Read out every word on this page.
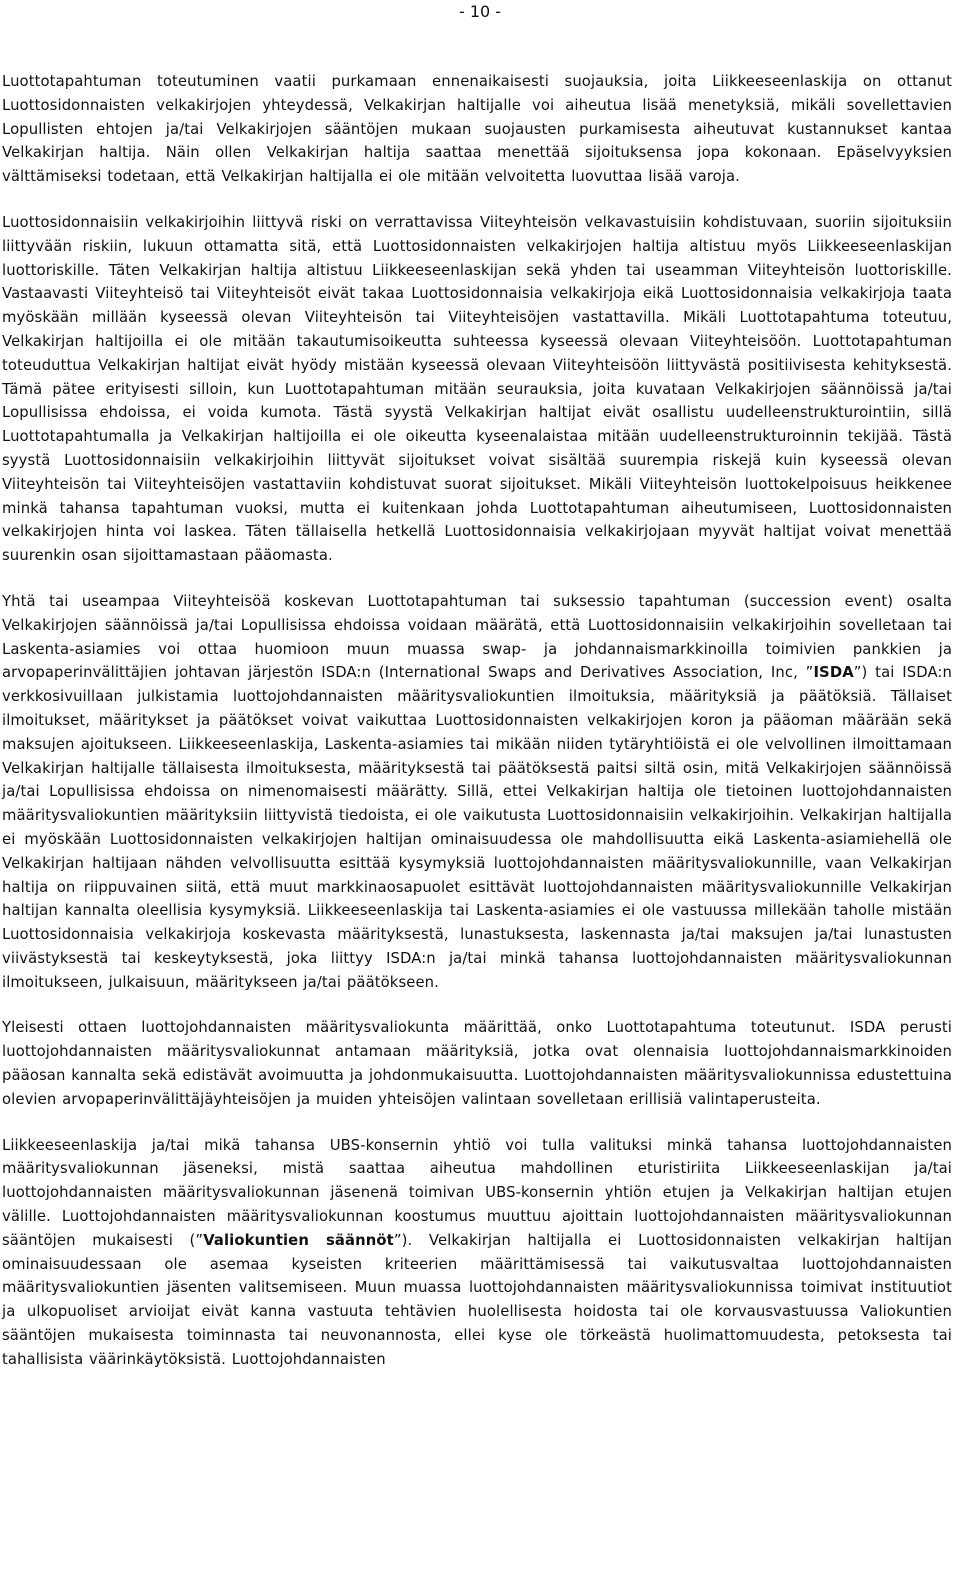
- 10 -

Luottotapahtuman toteutuminen vaatii purkamaan ennenaikaisesti suojauksia, joita Liikkeeseenlaskija on ottanut Luottosidonnaisten velkakirjojen yhteydessä, Velkakirjan haltijalle voi aiheutua lisää menetyksiä, mikäli sovellettavien Lopullisten ehtojen ja/tai Velkakirjojen sääntöjen mukaan suojausten purkamisesta aiheutuvat kustannukset kantaa Velkakirjan haltija. Näin ollen Velkakirjan haltija saattaa menettää sijoituksensa jopa kokonaan. Epäselvyyksien välttämiseksi todetaan, että Velkakirjan haltijalla ei ole mitään velvoitetta luovuttaa lisää varoja.

Luottosidonnaisiin velkakirjoihin liittyvä riski on verrattavissa Viiteyhteisön velkavastuisiin kohdistuvaan, suoriin sijoituksiin liittyvään riskiin, lukuun ottamatta sitä, että Luottosidonnaisten velkakirjojen haltija altistuu myös Liikkeeseenlaskijan luottoriskille. Täten Velkakirjan haltija altistuu Liikkeeseenlaskijan sekä yhden tai useamman Viiteyhteisön luottoriskille. Vastaavasti Viiteyhteisö tai Viiteyhteisöt eivät takaa Luottosidonnaisia velkakirjoja eikä Luottosidonnaisia velkakirjoja taata myöskään millään kyseessä olevan Viiteyhteisön tai Viiteyhteisöjen vastattavilla. Mikäli Luottotapahtuma toteutuu, Velkakirjan haltijoilla ei ole mitään takautumisoikeutta suhteessa kyseessä olevaan Viiteyhteisöön. Luottotapahtuman toteuduttua Velkakirjan haltijat eivät hyödy mistään kyseessä olevaan Viiteyhteisöön liittyvästä positiivisesta kehityksestä. Tämä pätee erityisesti silloin, kun Luottotapahtuman mitään seurauksia, joita kuvataan Velkakirjojen säännöissä ja/tai Lopullisissa ehdoissa, ei voida kumota. Tästä syystä Velkakirjan haltijat eivät osallistu uudelleenstrukturointiin, sillä Luottotapahtumalla ja Velkakirjan haltijoilla ei ole oikeutta kyseenalaistaa mitään uudelleenstrukturoinnin tekijää. Tästä syystä Luottosidonnaisiin velkakirjoihin liittyvät sijoitukset voivat sisältää suurempia riskejä kuin kyseessä olevan Viiteyhteisön tai Viiteyhteisöjen vastattaviin kohdistuvat suorat sijoitukset. Mikäli Viiteyhteisön luottokelpoisuus heikkenee minkä tahansa tapahtuman vuoksi, mutta ei kuitenkaan johda Luottotapahtuman aiheutumiseen, Luottosidonnaisten velkakirjojen hinta voi laskea. Täten tällaisella hetkellä Luottosidonnaisia velkakirjojaan myyvät haltijat voivat menettää suurenkin osan sijoittamastaan pääomasta.

Yhtä tai useampaa Viiteyhteisöä koskevan Luottotapahtuman tai suksessio tapahtuman (succession event) osalta Velkakirjojen säännöissä ja/tai Lopullisissa ehdoissa voidaan määrätä, että Luottosidonnaisiin velkakirjoihin sovelletaan tai Laskenta-asiamies voi ottaa huomioon muun muassa swap- ja johdannaismarkkinoilla toimivien pankkien ja arvopaperinvälittäjien johtavan järjestön ISDA:n (International Swaps and Derivatives Association, Inc, ”ISDA”) tai ISDA:n verkkosivuillaan julkistamia luottojohdannaisten määritysvaliokuntien ilmoituksia, määrityksiä ja päätöksiä. Tällaiset ilmoitukset, määritykset ja päätökset voivat vaikuttaa Luottosidonnaisten velkakirjojen koron ja pääoman määrään sekä maksujen ajoitukseen. Liikkeeseenlaskija, Laskenta-asiamies tai mikään niiden tytäryhtiöistä ei ole velvollinen ilmoittamaan Velkakirjan haltijalle tällaisesta ilmoituksesta, määrityksestä tai päätöksestä paitsi siltä osin, mitä Velkakirjojen säännöissä ja/tai Lopullisissa ehdoissa on nimenomaisesti määrätty. Sillä, ettei Velkakirjan haltija ole tietoinen luottojohdannaisten määritysvaliokuntien määrityksiin liittyvistä tiedoista, ei ole vaikutusta Luottosidonnaisiin velkakirjoihin. Velkakirjan haltijalla ei myöskään Luottosidonnaisten velkakirjojen haltijan ominaisuudessa ole mahdollisuutta eikä Laskenta-asiamiehellä ole Velkakirjan haltijaan nähden velvollisuutta esittää kysymyksiä luottojohdannaisten määritysvaliokunnille, vaan Velkakirjan haltija on riippuvainen siitä, että muut markkinaosapuolet esittävät luottojohdannaisten määritysvaliokunnille Velkakirjan haltijan kannalta oleellisia kysymyksiä. Liikkeeseenlaskija tai Laskenta-asiamies ei ole vastuussa millekään taholle mistään Luottosidonnaisia velkakirjoja koskevasta määrityksestä, lunastuksesta, laskennasta ja/tai maksujen ja/tai lunastusten viivästyksestä tai keskeytyksestä, joka liittyy ISDA:n ja/tai minkä tahansa luottojohdannaisten määritysvaliokunnan ilmoitukseen, julkaisuun, määritykseen ja/tai päätökseen.

Yleisesti ottaen luottojohdannaisten määritysvaliokunta määrittää, onko Luottotapahtuma toteutunut. ISDA perusti luottojohdannaisten määritysvaliokunnat antamaan määrityksiä, jotka ovat olennaisia luottojohdannaismarkkinoiden pääosan kannalta sekä edistävät avoimuutta ja johdonmukaisuutta. Luottojohdannaisten määritysvaliokunnissa edustettuina olevien arvopaperinvälittäjäyhteisöjen ja muiden yhteisöjen valintaan sovelletaan erillisiä valintaperusteita.

Liikkeeseenlaskija ja/tai mikä tahansa UBS-konsernin yhtiö voi tulla valituksi minkä tahansa luottojohdannaisten määritysvaliokunnan jäseneksi, mistä saattaa aiheutua mahdollinen eturistiriita Liikkeeseenlaskijan ja/tai luottojohdannaisten määritysvaliokunnan jäsenenä toimivan UBS-konsernin yhtiön etujen ja Velkakirjan haltijan etujen välille. Luottojohdannaisten määritysvaliokunnan koostumus muuttuu ajoittain luottojohdannaisten määritysvaliokunnan sääntöjen mukaisesti (”Valiokuntien säännöt”). Velkakirjan haltijalla ei Luottosidonnaisten velkakirjan haltijan ominaisuudessaan ole asemaa kyseisten kriteerien määrittämisessä tai vaikutusvaltaa luottojohdannaisten määritysvaliokuntien jäsenten valitsemiseen. Muun muassa luottojohdannaisten määritysvaliokunnissa toimivat instituutiot ja ulkopuoliset arvioijat eivät kanna vastuuta tehtävien huolellisesta hoidosta tai ole korvausvastuussa Valiokuntien sääntöjen mukaisesta toiminnasta tai neuvonannosta, ellei kyse ole törkeästä huolimattomuudesta, petoksesta tai tahallisista väärinkäytöksistä. Luottojohdannaisten
